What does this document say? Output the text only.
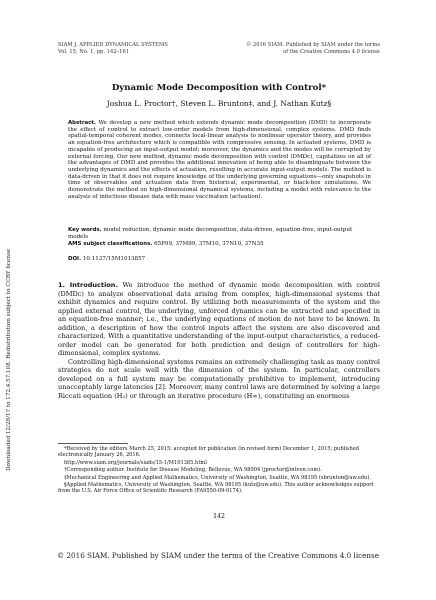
Downloaded 12/28/17 to 172.4.57.108. Redistribution subject to CCBY license
SIAM J. APPLIED DYNAMICAL SYSTEMS
Vol. 15, No. 1, pp. 142–161
© 2016 SIAM. Published by SIAM under the terms
of the Creative Commons 4.0 license
Dynamic Mode Decomposition with Control*
Joshua L. Proctor†, Steven L. Brunton‡, and J. Nathan Kutz§
Abstract. We develop a new method which extends dynamic mode decomposition (DMD) to incorporate the effect of control to extract low-order models from high-dimensional, complex systems. DMD finds spatial-temporal coherent modes, connects local-linear analysis to nonlinear operator theory, and provides an equation-free architecture which is compatible with compressive sensing. In actuated systems, DMD is incapable of producing an input-output model; moreover, the dynamics and the modes will be corrupted by external forcing. Our new method, dynamic mode decomposition with control (DMDc), capitalizes on all of the advantages of DMD and provides the additional innovation of being able to disambiguate between the underlying dynamics and the effects of actuation, resulting in accurate input-output models. The method is data-driven in that it does not require knowledge of the underlying governing equations—only snapshots in time of observables and actuation data from historical, experimental, or black-box simulations. We demonstrate the method on high-dimensional dynamical systems, including a model with relevance to the analysis of infectious disease data with mass vaccination (actuation).
Key words. model reduction, dynamic mode decomposition, data-driven, equation-free, input-output models
AMS subject classifications. 65P99, 37M99, 37M10, 37N10, 37N35
DOI. 10.1137/15M1013857

1. Introduction. We introduce the method of dynamic mode decomposition with control (DMDc) to analyze observational data arising from complex, high-dimensional systems that exhibit dynamics and require control. By utilizing both measurements of the system and the applied external control, the underlying, unforced dynamics can be extracted and specified in an equation-free manner; i.e., the underlying equations of motion do not have to be known. In addition, a description of how the control inputs affect the system are also discovered and characterized. With a quantitative understanding of the input-output characteristics, a reduced-order model can be generated for both prediction and design of controllers for high-dimensional, complex systems.

Controlling high-dimensional systems remains an extremely challenging task as many control strategies do not scale well with the dimension of the system. In particular, controllers developed on a full system may be computationally prohibitive to implement, introducing unacceptably large latencies [2]. Moreover, many control laws are determined by solving a large Riccati equation (H₂) or through an iterative procedure (H∞), constituting an enormous

*Received by the editors March 25, 2015; accepted for publication (in revised form) December 1, 2015; published electronically January 26, 2016.

http://www.siam.org/journals/siads/15-1/M101385.html

†Corresponding author. Institute for Disease Modeling, Bellevue, WA 98004 (jproctor@intven.com).

‡Mechanical Engineering and Applied Mathematics, University of Washington, Seattle, WA 98195 (sbrunton@uw.edu).

§Applied Mathematics, University of Washington, Seattle, WA 98195 (kutz@uw.edu). This author acknowledges support from the U.S. Air Force Office of Scientific Research (FA9550-09-0174).

142
© 2016 SIAM. Published by SIAM under the terms of the Creative Commons 4.0 license
